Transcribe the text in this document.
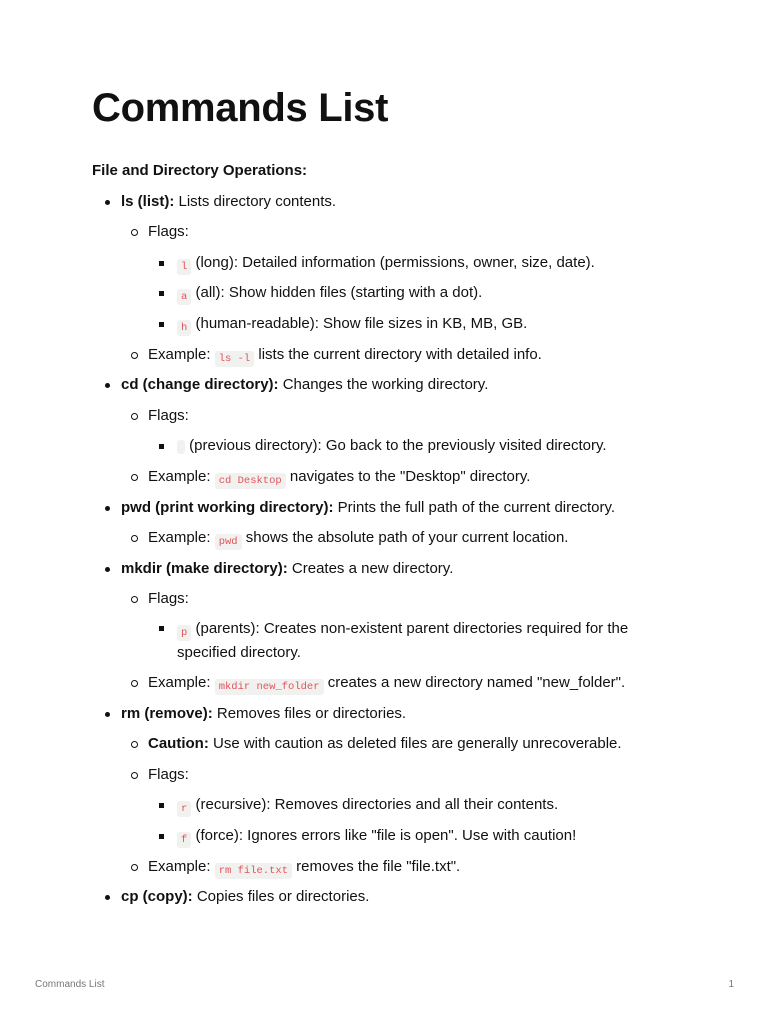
Commands List
File and Directory Operations:
ls (list): Lists directory contents.
Flags:
l (long): Detailed information (permissions, owner, size, date).
a (all): Show hidden files (starting with a dot).
h (human-readable): Show file sizes in KB, MB, GB.
Example: ls -l lists the current directory with detailed info.
cd (change directory): Changes the working directory.
Flags:
(previous directory): Go back to the previously visited directory.
Example: cd Desktop navigates to the "Desktop" directory.
pwd (print working directory): Prints the full path of the current directory.
Example: pwd shows the absolute path of your current location.
mkdir (make directory): Creates a new directory.
Flags:
p (parents): Creates non-existent parent directories required for the specified directory.
Example: mkdir new_folder creates a new directory named "new_folder".
rm (remove): Removes files or directories.
Caution: Use with caution as deleted files are generally unrecoverable.
Flags:
r (recursive): Removes directories and all their contents.
f (force): Ignores errors like "file is open". Use with caution!
Example: rm file.txt removes the file "file.txt".
cp (copy): Copies files or directories.
Commands List	1
